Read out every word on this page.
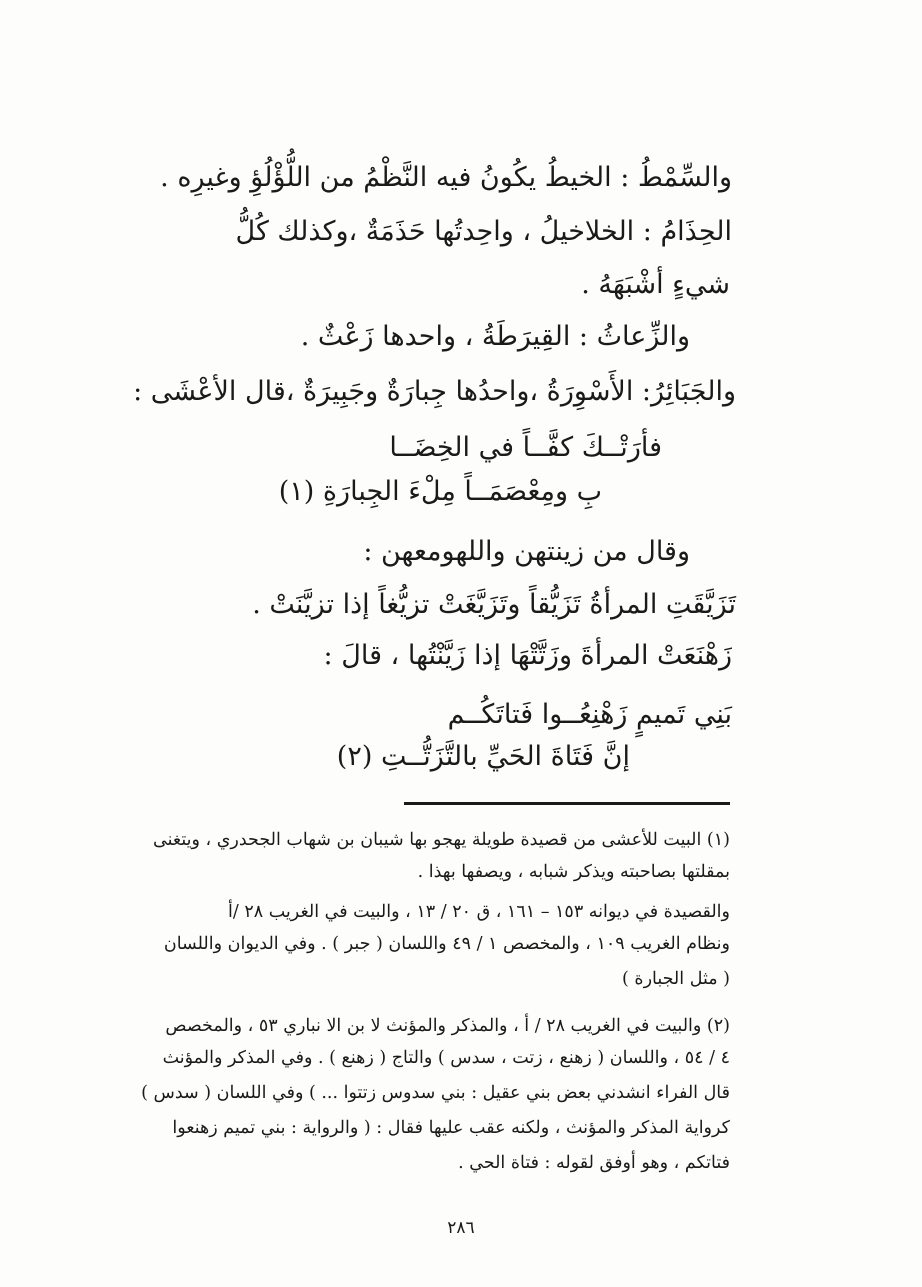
والسِّمْطُ : الخيطُ يكُونُ فيه النَّظْمُ من اللُّؤْلُؤِ وغيرِه .
الحِذَامُ : الخلاخيلُ ، واحِدتُها حَذَمَةٌ ،وكذلك كُلُّ
شيءٍ أشْبَهَهُ .
والزِّعاثُ : القِيرَطَةُ ، واحدها زَعْثٌ .
والجَبَائِرُ: الأَسْوِرَةُ ،واحدُها جِبارَةٌ وجَبِيرَةٌ ،قال الأعْشَى :
فأرَتْــكَ كفَّــاً في الخِضَــا
بِ ومِعْصَمَــاً مِلْءَ الجِبارَةِ (١)
وقال من زينتهن واللهومعهن :
تَزَيَّقَتِ المرأةُ تَزَيُّقاً وتَزَيَّغَتْ تزيُّغاً إذا تزيَّنَتْ .
زَهْنَعَتْ المرأةَ وزَتَّتْهَا إذا زَيَّنْتُها ، قالَ :
بَنِي تَميمٍ زَهْنِعُــوا فَتاتَكُــم
إنَّ فَتَاةَ الحَيِّ بالتَّزَتُّــتِ (٢)
(١) البيت للأعشى من قصيدة طويلة يهجو بها شيبان بن شهاب الجحدري ، ويتغنى
بمقلتها بصاحبته ويذكر شبابه ، ويصفها بهذا .
والقصيدة في ديوانه ١٥٣ – ١٦١ ، ق ٢٠ / ١٣ ، والبيت في الغريب ٢٨ /أ
ونظام الغريب ١٠٩ ، والمخصص ١ / ٤٩ واللسان ( جبر ) . وفي الديوان واللسان
( مثل الجبارة )
(٢) والبيت في الغريب ٢٨ / أ ، والمذكر والمؤنث لا بن الا نباري ٥٣ ، والمخصص
٤ / ٥٤ ، واللسان ( زهنع ، زتت ، سدس ) والتاج ( زهنع ) . وفي المذكر والمؤنث
قال الفراء انشدني بعض بني عقيل : بني سدوس زتتوا ... ) وفي اللسان ( سدس )
كرواية المذكر والمؤنث ، ولكنه عقب عليها فقال : ( والرواية : بني تميم زهنعوا
فتاتكم ، وهو أوفق لقوله : فتاة الحي .
٢٨٦
